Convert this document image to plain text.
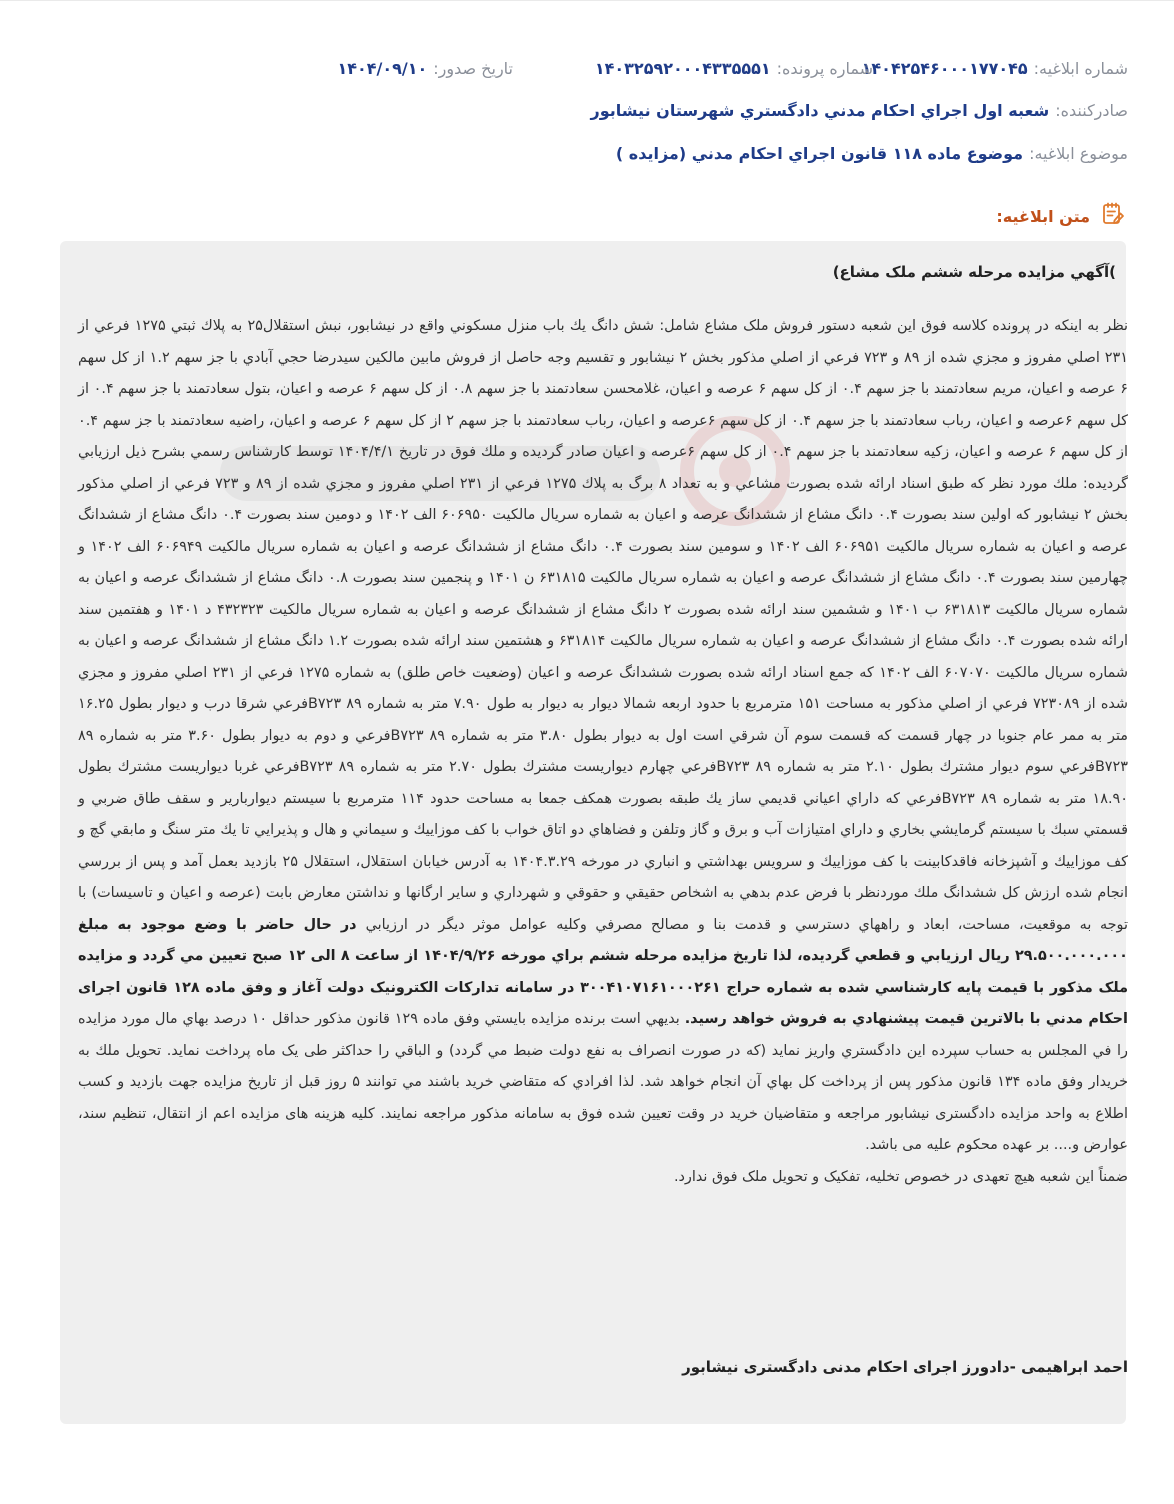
شماره ابلاغیه:
۱۴۰۴۲۵۴۶۰۰۰۱۷۷۰۴۵
شماره پرونده:
۱۴۰۳۲۵۹۲۰۰۰۴۳۳۵۵۵۱
تاریخ صدور:
۱۴۰۴/۰۹/۱۰
صادرکننده:
شعبه اول اجراي احكام مدني دادگستري شهرستان نيشابور
موضوع ابلاغیه:
موضوع ماده ۱۱۸ قانون اجراي احكام مدني (مزايده )
متن ابلاغیه:
)آگهي مزايده مرحله ششم ملک مشاع)

نظر به اينكه در پرونده كلاسه فوق اين شعبه دستور فروش ملک مشاع شامل: شش دانگ يك باب منزل مسكوني واقع در نيشابور، نبش استقلال۲۵ به پلاك ثبتي ۱۲۷۵ فرعي از ۲۳۱ اصلي مفروز و مجزي شده از ۸۹ و ۷۲۳ فرعي از اصلي مذكور بخش ۲ نيشابور و تقسيم وجه حاصل از فروش مابين مالكين سيدرضا حجي آبادي با جز سهم ۱.۲ از كل سهم ۶ عرصه و اعيان، مريم سعادتمند با جز سهم ۰.۴ از كل سهم ۶ عرصه و اعيان، غلامحسن سعادتمند با جز سهم ۰.۸ از كل سهم ۶ عرصه و اعيان، بتول سعادتمند با جز سهم ۰.۴ از كل سهم ۶عرصه و اعيان، رباب سعادتمند با جز سهم ۰.۴ از كل سهم ۶عرصه و اعيان، رباب سعادتمند با جز سهم ۲ از كل سهم ۶ عرصه و اعيان، راضيه سعادتمند با جز سهم ۰.۴ از كل سهم ۶ عرصه و اعيان، زكيه سعادتمند با جز سهم ۰.۴ از كل سهم ۶عرصه و اعيان صادر گرديده و ملك فوق در تاريخ ۱۴۰۴/۴/۱ توسط كارشناس رسمي بشرح ذيل ارزيابي گرديده: ملك مورد نظر كه طبق اسناد ارائه شده بصورت مشاعي و به تعداد ۸ برگ به پلاك ۱۲۷۵ فرعي از ۲۳۱ اصلي مفروز و مجزي شده از ۸۹ و ۷۲۳ فرعي از اصلي مذكور بخش ۲ نيشابور كه اولين سند بصورت ۰.۴ دانگ مشاع از ششدانگ عرصه و اعيان به شماره سريال مالكيت ۶۰۶۹۵۰ الف ۱۴۰۲ و دومين سند بصورت ۰.۴ دانگ مشاع از ششدانگ عرصه و اعيان به شماره سريال مالكيت ۶۰۶۹۵۱ الف ۱۴۰۲ و سومين سند بصورت ۰.۴ دانگ مشاع از ششدانگ عرصه و اعيان به شماره سريال مالكيت ۶۰۶۹۴۹ الف ۱۴۰۲ و چهارمين سند بصورت ۰.۴ دانگ مشاع از ششدانگ عرصه و اعيان به شماره سريال مالكيت ۶۳۱۸۱۵ ن ۱۴۰۱ و پنجمين سند بصورت ۰.۸ دانگ مشاع از ششدانگ عرصه و اعيان به شماره سريال مالكيت ۶۳۱۸۱۳ ب ۱۴۰۱ و ششمين سند ارائه شده بصورت ۲ دانگ مشاع از ششدانگ عرصه و اعيان به شماره سريال مالكيت ۴۳۲۳۲۳ د ۱۴۰۱ و هفتمين سند ارائه شده بصورت ۰.۴ دانگ مشاع از ششدانگ عرصه و اعيان به شماره سريال مالكيت ۶۳۱۸۱۴ و هشتمين سند ارائه شده بصورت ۱.۲ دانگ مشاع از ششدانگ عرصه و اعيان به شماره سريال مالكيت ۶۰۷۰۷۰ الف ۱۴۰۲ كه جمع اسناد ارائه شده بصورت ششدانگ عرصه و اعيان (وضعيت خاص طلق) به شماره ۱۲۷۵ فرعي از ۲۳۱ اصلي مفروز و مجزي شده از ۷۲۳۰۸۹ فرعي از اصلي مذكور به مساحت ۱۵۱ مترمربع با حدود اربعه شمالا ديوار به ديوار به طول ۷.۹۰ متر به شماره ۸۹ B۷۲۳فرعي شرقا درب و ديوار بطول ۱۶.۲۵ متر به ممر عام جنوبا در چهار قسمت كه قسمت سوم آن شرقي است اول به ديوار بطول ۳.۸۰ متر به شماره ۸۹ B۷۲۳فرعي و دوم به ديوار بطول ۳.۶۰ متر به شماره ۸۹ B۷۲۳فرعي سوم ديوار مشترك بطول ۲.۱۰ متر به شماره ۸۹ B۷۲۳فرعي چهارم ديواريست مشترك بطول ۲.۷۰ متر به شماره ۸۹ B۷۲۳فرعي غربا ديواريست مشترك بطول ۱۸.۹۰ متر به شماره ۸۹ B۷۲۳فرعي كه داراي اعياني قديمي ساز يك طبقه بصورت همكف جمعا به مساحت حدود ۱۱۴ مترمربع با سيستم ديواربارير و سقف طاق ضربي و قسمتي سبك با سيستم گرمايشي بخاري و داراي امتيازات آب و برق و گاز وتلفن و فضاهاي دو اتاق خواب با كف موزاييك و سيماني و هال و پذيرايي تا يك متر سنگ و مابقي گچ و كف موزاييك و آشپزخانه فاقدكابينت با كف موزاييك و سرويس بهداشتي و انباري در مورخه ۱۴۰۴.۳.۲۹ به آدرس خيابان استقلال، استقلال ۲۵ بازديد بعمل آمد و پس از بررسي انجام شده ارزش كل ششدانگ ملك موردنظر با فرض عدم بدهي به اشخاص حقيقي و حقوقي و شهرداري و ساير ارگانها و نداشتن معارض بابت (عرصه و اعيان و تاسيسات) با توجه به موقعيت، مساحت، ابعاد و راههاي دسترسي و قدمت بنا و مصالح مصرفي وكليه عوامل موثر ديگر در ارزيابي در حال حاضر با وضع موجود به مبلغ ۲۹.۵۰۰.۰۰۰.۰۰۰ ريال ارزيابي و قطعي گرديده، لذا تاريخ مزايده مرحله ششم براي مورخه ۱۴۰۴/۹/۲۶ از ساعت ۸ الی ۱۲ صبح تعيين مي گردد و مزايده ملک مذکور با قيمت پايه كارشناسي شده به شماره حراج ۳۰۰۴۱۰۷۱۶۱۰۰۰۲۶۱ در سامانه تدارکات الکترونيک دولت آغاز و وفق ماده ۱۲۸ قانون اجرای احكام مدني با بالاترين قيمت پيشنهادي به فروش خواهد رسيد. بديهي است برنده مزايده بايستي وفق ماده ۱۲۹ قانون مذكور حداقل ۱۰ درصد بهاي مال مورد مزايده را في المجلس به حساب سپرده اين دادگستري واريز نمايد (كه در صورت انصراف به نفع دولت ضبط مي گردد) و الباقي را حداكثر طی یک ماه پرداخت نمايد. تحويل ملك به خريدار وفق ماده ۱۳۴ قانون مذكور پس از پرداخت كل بهاي آن انجام خواهد شد. لذا افرادي كه متقاضي خريد باشند مي توانند ۵ روز قبل از تاريخ مزايده جهت بازديد و كسب اطلاع به واحد مزايده دادگستری نيشابور مراجعه و متقاضيان خريد در وقت تعيين شده فوق به سامانه مذکور مراجعه نمايند. كليه هزينه های مزايده اعم از انتقال، تنظيم سند، عوارض و.... بر عهده محکوم عليه می باشد.
ضمناً اين شعبه هيچ تعهدی در خصوص تخليه، تفکيک و تحويل ملک فوق ندارد.

احمد ابراهیمی -دادورز اجرای احکام مدنی دادگستری نیشابور
